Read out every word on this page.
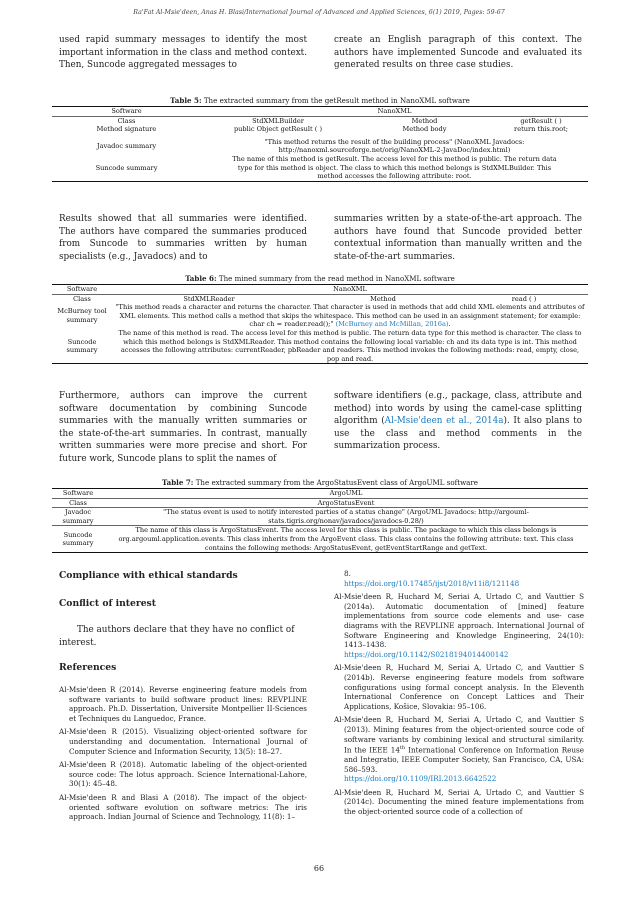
Ra'Fat Al-Msie'deen, Anas H. Blasi/International Journal of Advanced and Applied Sciences, 6(1) 2019, Pages: 59-67
used rapid summary messages to identify the most important information in the class and method context. Then, Suncode aggregated messages to
create an English paragraph of this context. The authors have implemented Suncode and evaluated its generated results on three case studies.
Table 5: The extracted summary from the getResult method in NanoXML software
Software	NanoXML		
Class	StdXMLBuilder	Method	getResult ( )
Method signature	public Object getResult ( )	Method body	return this.root;
Javadoc summary	"This method returns the result of the building process" (NanoXML Javadocs: http://nanoxml.sourceforge.net/orig/NanoXML-2-JavaDoc/index.html)		
Suncode summary	The name of this method is getResult. The access level for this method is public. The return data type for this method is object. The class to which this method belongs is StdXMLBuilder. This method accesses the following attribute: root.		
Results showed that all summaries were identified. The authors have compared the summaries produced from Suncode to summaries written by human specialists (e.g., Javadocs) and to
summaries written by a state-of-the-art approach. The authors have found that Suncode provided better contextual information than manually written and the state-of-the-art summaries.
Table 6: The mined summary from the read method in NanoXML software
Software	NanoXML		
Class	StdXMLReader	Method	read ( )
McBurney tool summary	"This method reads a character and returns the character. That character is used in methods that add child XML elements and attributes of XML elements. This method calls a method that skips the whitespace. This method can be used in an assignment statement; for example: char ch = reader.read();" (McBurney and McMillan, 2016a).		
Suncode summary	The name of this method is read. The access level for this method is public. The return data type for this method is character. The class to which this method belongs is StdXMLReader. This method contains the following local variable: ch and its data type is int. This method accesses the following attributes: currentReader, pbReader and readers. This method invokes the following methods: read, empty, close, pop and read.		
Furthermore, authors can improve the current software documentation by combining Suncode summaries with the manually written summaries or the state-of-the-art summaries. In contrast, manually written summaries were more precise and short. For future work, Suncode plans to split the names of
software identifiers (e.g., package, class, attribute and method) into words by using the camel-case splitting algorithm (Al-Msie'deen et al., 2014a). It also plans to use the class and method comments in the summarization process.
Table 7: The extracted summary from the ArgoStatusEvent class of ArgoUML software
Software	ArgoUML
Class	ArgoStatusEvent
Javadoc summary	"The status event is used to notify interested parties of a status change" (ArgoUML Javadocs: http://argouml-stats.tigris.org/nonav/javadocs/javadocs-0.28/)
Suncode summary	The name of this class is ArgoStatusEvent. The access level for this class is public. The package to which this class belongs is org.argouml.application.events. This class inherits from the ArgoEvent class. This class contains the following attribute: text. This class contains the following methods: ArgoStatusEvent, getEventStartRange and getText.
Compliance with ethical standards
Conflict of interest
The authors declare that they have no conflict of interest.
References
Al-Msie'deen R (2014). Reverse engineering feature models from software variants to build software product lines: REVPLINE approach. Ph.D. Dissertation, Universite Montpellier II-Sciences et Techniques du Languedoc, France.
Al-Msie'deen R (2015). Visualizing object-oriented software for understanding and documentation. International Journal of Computer Science and Information Security, 13(5): 18–27.
Al-Msie'deen R (2018). Automatic labeling of the object-oriented source code: The lotus approach. Science International-Lahore, 30(1): 45–48.
Al-Msie'deen R and Blasi A (2018). The impact of the object-oriented software evolution on software metrics: The iris approach. Indian Journal of Science and Technology, 11(8): 1–
8.
https://doi.org/10.17485/ijst/2018/v11i8/121148
Al-Msie'deen R, Huchard M, Seriai A, Urtado C, and Vauttier S (2014a). Automatic documentation of [mined] feature implementations from source code elements and use- case diagrams with the REVPLINE approach. International Journal of Software Engineering and Knowledge Engineering, 24(10): 1413–1438.
https://doi.org/10.1142/S0218194014400142
Al-Msie'deen R, Huchard M, Seriai A, Urtado C, and Vauttier S (2014b). Reverse engineering feature models from software configurations using formal concept analysis. In the Eleventh International Conference on Concept Lattices and Their Applications, Košice, Slovakia: 95–106.
Al-Msie'deen R, Huchard M, Seriai A, Urtado C, and Vauttier S (2013). Mining features from the object-oriented source code of software variants by combining lexical and structural similarity. In the IEEE 14th International Conference on Information Reuse and Integratio, IEEE Computer Society, San Francisco, CA, USA: 586–593.
https://doi.org/10.1109/IRI.2013.6642522
Al-Msie'deen R, Huchard M, Seriai A, Urtado C, and Vauttier S (2014c). Documenting the mined feature implementations from the object-oriented source code of a collection of
66
